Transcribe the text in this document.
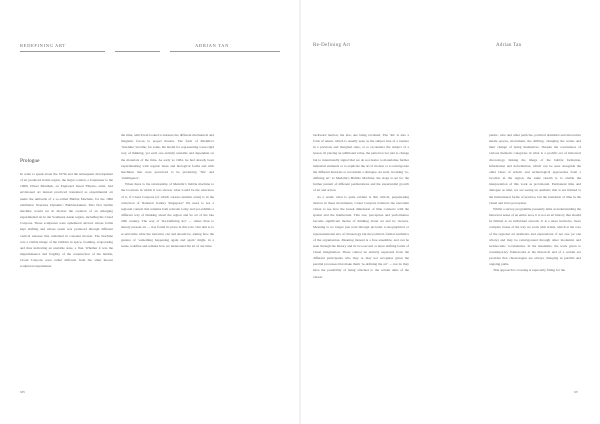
REDEFINING ART	ADRIAN TAN
Prologue

In order to speak about the 1970s and the subsequent development of art produced in this region, the larger context, a forerunner to the 1960s Diwei Menthak, an Englaond based Filipino artist, had envisioned art instead practiced translated as experimental art under the umbrella of a so-called Bubble Machine, for the 1966 exhibition Structure Dynamic: Bubblestruktur. This first bubble machine would set in motion the creation of an emerging experimental art in the Southeast Asian region, including his Cloud Canyons. These sculptures were ephemeral devices whose forms kept shifting and whose result was produced through different vertical releases that remained in constant motion. The machine was a visible image of the bubbles in space, foaming, evaporating and thus indicating an unstable state, a flux. Whether it was the impermanence and fragility of the construction of the bubble, Cloud Canyons were rather different from the other known sculptural experiments.

the time, which had looked to harness the different mechanical and magnetic forces to propel motion. The form of Medalla’s ‘machine’ became, for some, the model for representing a less rigid way of thinking, yet each one entirely unstable and dependent on the materials of the time. As early as 1964, he had already been experimenting with organic ideas and biological forms and with machines that were perceived to be producing ‘life’ and ‘intelligence’.

When there is the relationship of Medalla’s bubble machine to the locations in which it was shown, what would be the relevance of it, if Cloud Canyons (of which various number exist) is in the collection of National Gallery Singapore? We need to see a regional context that remains both relevant today and yet exhibits a different way of thinking about the region and its art of the late 20th century. The way of ‘Re-Defining Art’ — rather than to merely present art — has found its place in this role. Our aim is to re-articulate what the narrative can and should be, asking how the gesture of ‘something happening again and again’ might, in a sense, redefine and remake how we understand the art of our time.

xiv
Re-Defining Art	Adrian Tan

backward motion, but also one being revisited. The ‘Re’ is also a form of return, which is usually seen as the subject line of a rupture in a previous and marginal state, or to reconsider the subject of a lesson. In placing an additional value, the pattern is not just to change but to intentionally signal that we do not desire to materialise further industrial elements or to explicate the art of motion or to reinvigorate the different histories or reconsider a dialogue. As such, in taking ‘re-defining art’ as Medalla’s Bubble Machine, the stage is set for the further pursuit of different permutations and the experiential growth of art and action.

As a result, what is quite evident is that critical, perpetuating motion in these movements, Cloud Canyons balances the uncertain vision to see how the Greek dimension of time connects with the spatial and the intellectual. This one, perception and performance become significant modes of thinking about art and its viewers. Meaning is no longer just read through pictorial, iconographical or representational arts of chronology but the political, formal aesthetics of the organisation. Meaning instead is a free ensemble, and can be seen through the history and its two-second or more shifting forms of visual imagination. These cannot be entirely separated from the different participants who may or may not recognise given the parallel processes that make them ‘re-defining the art’ — nor do they have the possibility of being attached to the certain aims of the viewer.

plastic, wire and other particles, political dramatist and innovative media spaces, movement, the shifting, changing the works and their change of being themselves. Despite the coexistence of various thematic categories in what is a prolific era of historical chronology, linking the image of the bubble formation, information and deformation, which can be seen alongside the other ideas of artistic and technological approaches from a location in the region, the same stream is to enable the interpretation of this work as provisional. Permanent time and dialogue as time, we are seeing an aesthetic that is not limited to the institutional forms of practice, but the transition of time in the visual and in its perception.

Whilst a survey programme presently aims at understanding the historical sense of an entire area, it is not an art history that should be limited to an individual artwork. It is a more inclusive, more complex vision of the way we work with artists, which at the core of the regional art aesthetics and expressions: if not one (or one whole) and may be reinvigorated through other modernist and technocratic vocabularies. In the meantime, the work given to contemporary frameworks at the historical end of a certain era provides that chronologies are always changing in parallel and ongoing paths.

This approach is crossing is especially fitting for the

xv
